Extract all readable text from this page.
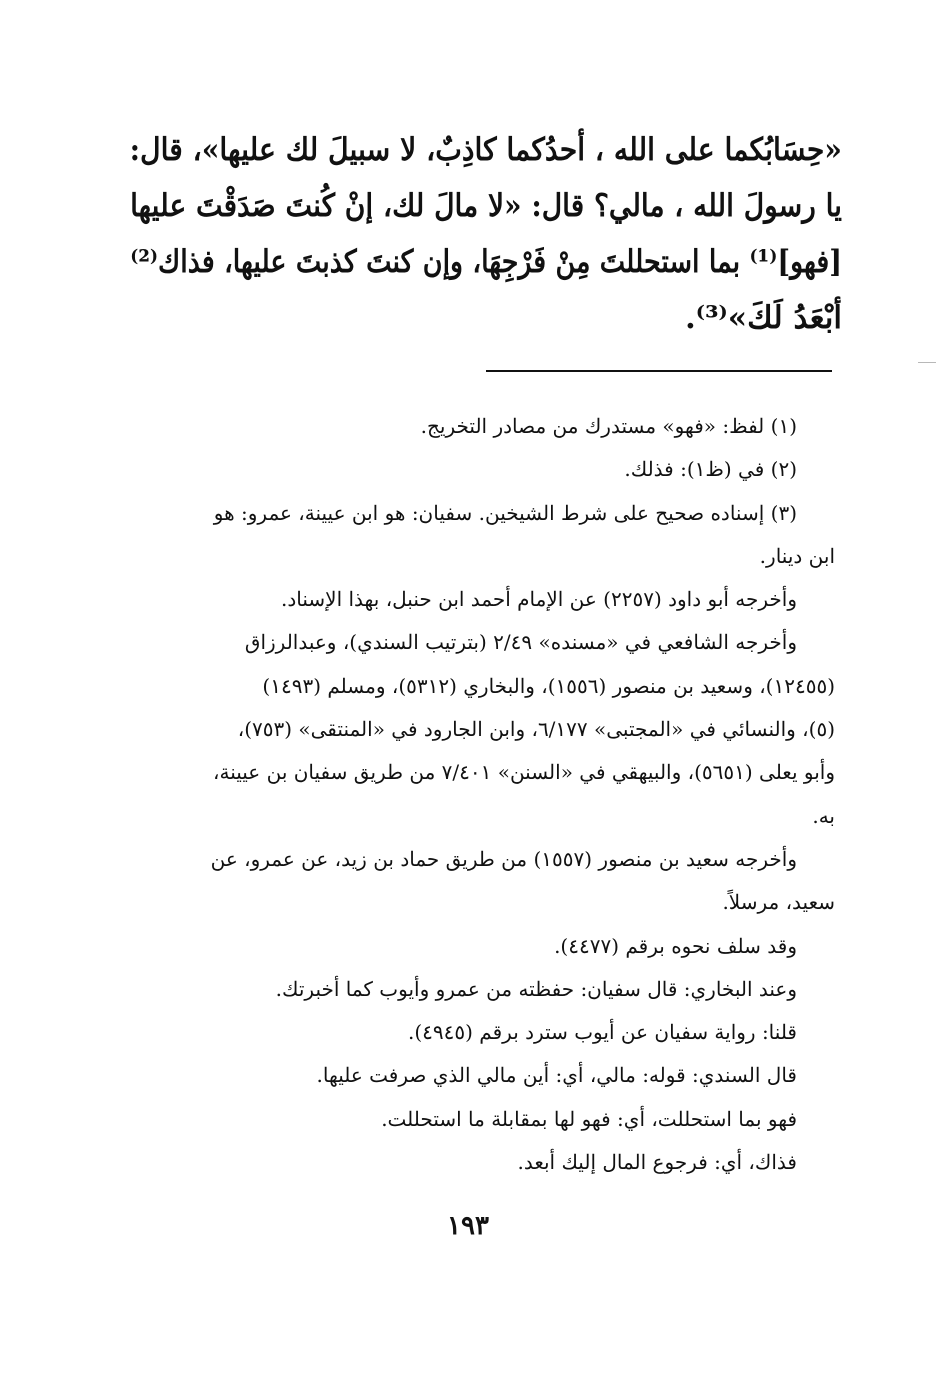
«حِسَابُكما على الله ، أحدُكما كاذِبٌ، لا سبيلَ لك عليها»، قال:
يا رسولَ الله ، مالي؟ قال: «لا مالَ لك، إنْ كُنتَ صَدَقْتَ عليها
[فهو]⁽¹⁾ بما استحللتَ مِنْ فَرْجِهَا، وإن كنتَ كذبتَ عليها، فذاك⁽²⁾
أبْعَدُ لَكَ»⁽³⁾.
(١) لفظ: «فهو» مستدرك من مصادر التخريج.
(٢) في (ظ١): فذلك.
(٣) إسناده صحيح على شرط الشيخين. سفيان: هو ابن عيينة، عمرو: هو
ابن دينار.
وأخرجه أبو داود (٢٢٥٧) عن الإمام أحمد ابن حنبل، بهذا الإسناد.
وأخرجه الشافعي في «مسنده» ٢/٤٩ (بترتيب السندي)، وعبدالرزاق
(١٢٤٥٥)، وسعيد بن منصور (١٥٥٦)، والبخاري (٥٣١٢)، ومسلم (١٤٩٣)
(٥)، والنسائي في «المجتبى» ٦/١٧٧، وابن الجارود في «المنتقى» (٧٥٣)،
وأبو يعلى (٥٦٥١)، والبيهقي في «السنن» ٧/٤٠١ من طريق سفيان بن عيينة،
به.
وأخرجه سعيد بن منصور (١٥٥٧) من طريق حماد بن زيد، عن عمرو، عن
سعيد، مرسلاً.
وقد سلف نحوه برقم (٤٤٧٧).
وعند البخاري: قال سفيان: حفظته من عمرو وأيوب كما أخبرتك.
قلنا: رواية سفيان عن أيوب سترد برقم (٤٩٤٥).
قال السندي: قوله: مالي، أي: أين مالي الذي صرفت عليها.
فهو بما استحللت، أي: فهو لها بمقابلة ما استحللت.
فذاك، أي: فرجوع المال إليك أبعد.
١٩٣
